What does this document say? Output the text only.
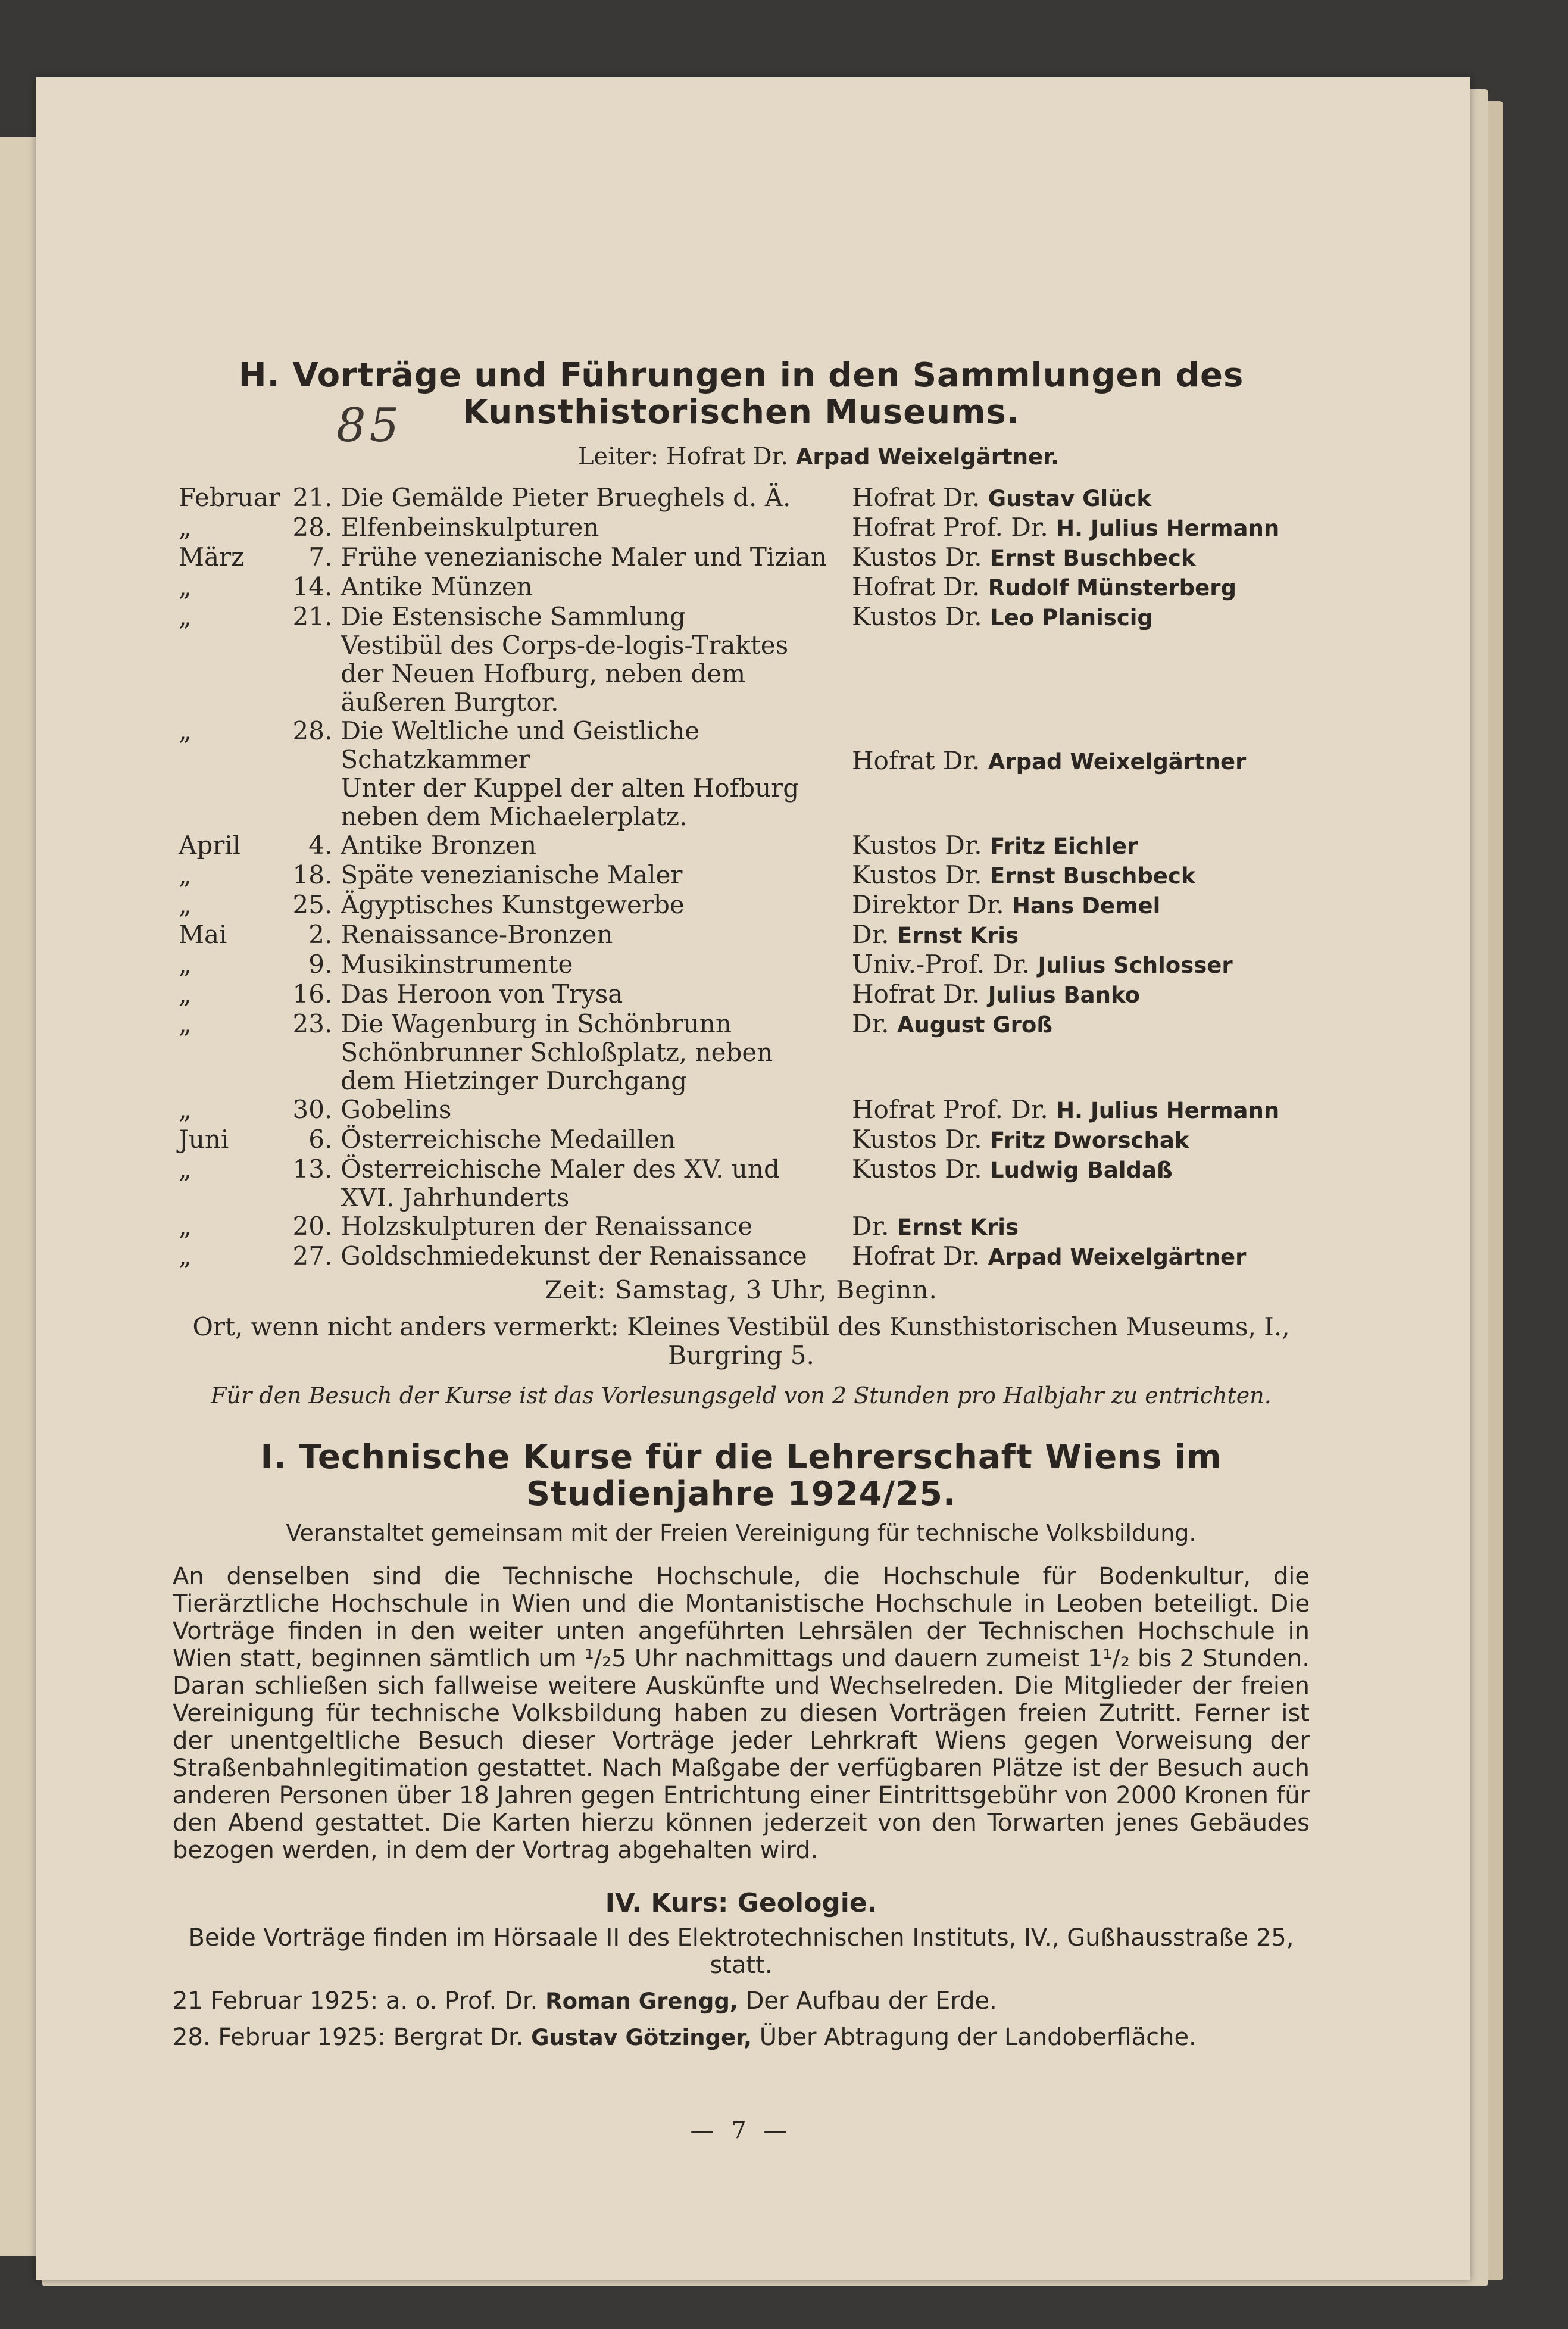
85
H. Vorträge und Führungen in den Sammlungen des Kunsthistorischen Museums.
Leiter: Hofrat Dr. Arpad Weixelgärtner.
Februar	21.	Die Gemälde Pieter Brueghels d. Ä.	Hofrat Dr. Gustav Glück
„	28.	Elfenbeinskulpturen	Hofrat Prof. Dr. H. Julius Hermann
März	7.	Frühe venezianische Maler und Tizian	Kustos Dr. Ernst Buschbeck
„	14.	Antike Münzen	Hofrat Dr. Rudolf Münsterberg
„	21.	Die Estensische Sammlung
Vestibül des Corps-de-logis-Traktes der Neuen Hofburg, neben dem äußeren Burgtor.	Kustos Dr. Leo Planiscig
„	28.	Die Weltliche und Geistliche Schatzkammer
Unter der Kuppel der alten Hofburg neben dem Michaelerplatz.	Hofrat Dr. Arpad Weixelgärtner
April	4.	Antike Bronzen	Kustos Dr. Fritz Eichler
„	18.	Späte venezianische Maler	Kustos Dr. Ernst Buschbeck
„	25.	Ägyptisches Kunstgewerbe	Direktor Dr. Hans Demel
Mai	2.	Renaissance-Bronzen	Dr. Ernst Kris
„	9.	Musikinstrumente	Univ.-Prof. Dr. Julius Schlosser
„	16.	Das Heroon von Trysa	Hofrat Dr. Julius Banko
„	23.	Die Wagenburg in Schönbrunn
Schönbrunner Schloßplatz, neben dem Hietzinger Durchgang	Dr. August Groß
„	30.	Gobelins	Hofrat Prof. Dr. H. Julius Hermann
Juni	6.	Österreichische Medaillen	Kustos Dr. Fritz Dworschak
„	13.	Österreichische Maler des XV. und XVI. Jahrhunderts	Kustos Dr. Ludwig Baldaß
„	20.	Holzskulpturen der Renaissance	Dr. Ernst Kris
„	27.	Goldschmiedekunst der Renaissance	Hofrat Dr. Arpad Weixelgärtner
Zeit: Samstag, 3 Uhr, Beginn.
Ort, wenn nicht anders vermerkt: Kleines Vestibül des Kunsthistorischen Museums, I., Burgring 5.
Für den Besuch der Kurse ist das Vorlesungsgeld von 2 Stunden pro Halbjahr zu entrichten.
I. Technische Kurse für die Lehrerschaft Wiens im Studienjahre 1924/25.
Veranstaltet gemeinsam mit der Freien Vereinigung für technische Volksbildung.
An denselben sind die Technische Hochschule, die Hochschule für Bodenkultur, die Tierärztliche Hochschule in Wien und die Montanistische Hochschule in Leoben beteiligt. Die Vorträge finden in den weiter unten angeführten Lehrsälen der Technischen Hochschule in Wien statt, beginnen sämtlich um ¹/₂5 Uhr nachmittags und dauern zumeist 1¹/₂ bis 2 Stunden. Daran schließen sich fallweise weitere Auskünfte und Wechselreden. Die Mitglieder der freien Vereinigung für technische Volksbildung haben zu diesen Vorträgen freien Zutritt. Ferner ist der unentgeltliche Besuch dieser Vorträge jeder Lehrkraft Wiens gegen Vorweisung der Straßenbahnlegitimation gestattet. Nach Maßgabe der verfügbaren Plätze ist der Besuch auch anderen Personen über 18 Jahren gegen Entrichtung einer Eintrittsgebühr von 2000 Kronen für den Abend gestattet. Die Karten hierzu können jederzeit von den Torwarten jenes Gebäudes bezogen werden, in dem der Vortrag abgehalten wird.
IV. Kurs: Geologie.
Beide Vorträge finden im Hörsaale II des Elektrotechnischen Instituts, IV., Gußhausstraße 25, statt.
21 Februar 1925: a. o. Prof. Dr. Roman Grengg, Der Aufbau der Erde.
28. Februar 1925: Bergrat Dr. Gustav Götzinger, Über Abtragung der Landoberfläche.
— 7 —
